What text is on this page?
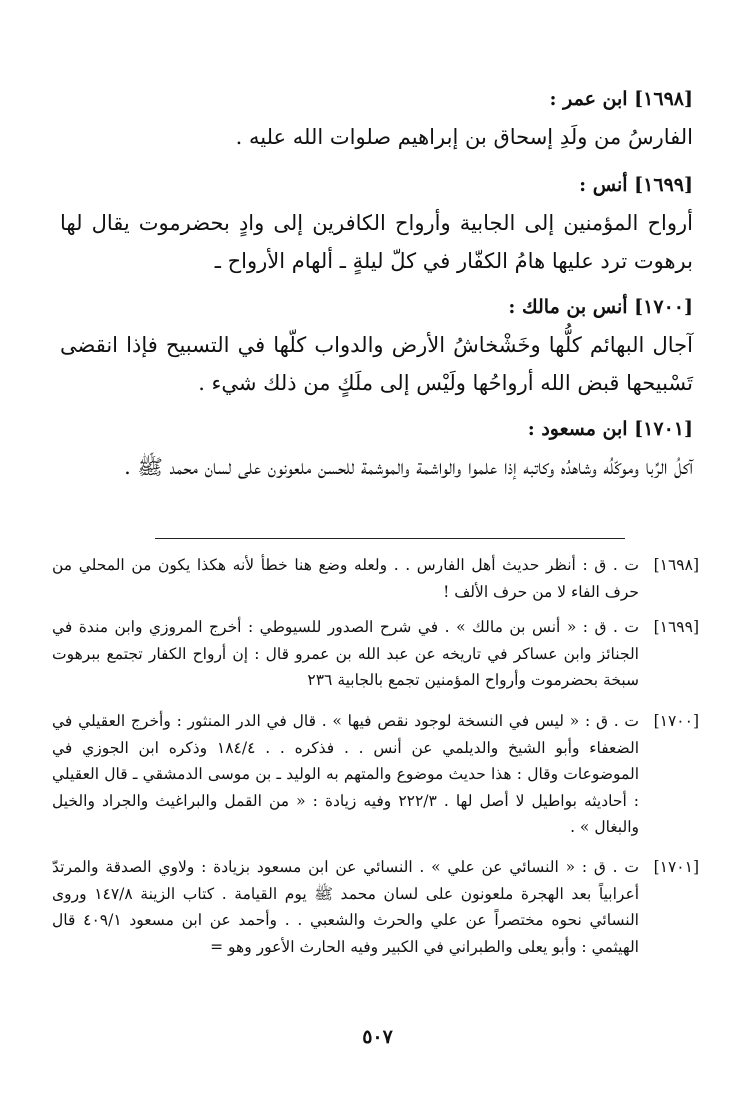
[١٦٩٨] ابن عمر :
الفارسُ من ولَدِ إسحاق بن إبراهيم صلوات الله عليه .
[١٦٩٩] أنس :
أرواح المؤمنين إلى الجابية وأرواح الكافرين إلى وادٍ بحضرموت يقال لها برهوت ترد عليها هامُ الكفّار في كلّ ليلةٍ ـ ألهام الأرواح ـ
[١٧٠٠] أنس بن مالك :
آجال البهائم كلُّها وخَشْخاشُ الأرض والدواب كلّها في التسبيح فإذا انقضى تَسْبيحها قبض الله أرواحُها ولَيْس إلى ملَكٍ من ذلك شيء .
[١٧٠١] ابن مسعود :
آكلُ الرِّبا وموكّلُه وشاهدُه وكاتبه إذا علموا والواشمة والموشمة للحسن ملعونون على لسان محمد ﷺ .
[١٦٩٨]
ت . ق : أنظر حديث أهل الفارس . . ولعله وضع هنا خطأ لأنه هكذا يكون من المحلي من حرف الفاء لا من حرف الألف !
[١٦٩٩]
ت . ق : « أنس بن مالك » . في شرح الصدور للسيوطي : أخرج المروزي وابن مندة في الجنائز وابن عساكر في تاريخه عن عبد الله بن عمرو قال : إن أرواح الكفار تجتمع ببرهوت سبخة بحضرموت وأرواح المؤمنين تجمع بالجابية ٢٣٦
[١٧٠٠]
ت . ق : « ليس في النسخة لوجود نقص فيها » . قال في الدر المنثور : وأخرج العقيلي في الضعفاء وأبو الشيخ والديلمي عن أنس . . فذكره . . ١٨٤/٤ وذكره ابن الجوزي في الموضوعات وقال : هذا حديث موضوع والمتهم به الوليد ـ بن موسى الدمشقي ـ قال العقيلي : أحاديثه بواطيل لا أصل لها . ٢٢٢/٣ وفيه زيادة : « من القمل والبراغيث والجراد والخيل والبغال » .
[١٧٠١]
ت . ق : « النسائي عن علي » . النسائي عن ابن مسعود بزيادة : ولاوي الصدقة والمرتدّ أعرابياً بعد الهجرة ملعونون على لسان محمد ﷺ يوم القيامة . كتاب الزينة ١٤٧/٨ وروى النسائي نحوه مختصراً عن علي والحرث والشعبي . . وأحمد عن ابن مسعود ٤٠٩/١ قال الهيثمي : وأبو يعلى والطبراني في الكبير وفيه الحارث الأعور وهو =
٥٠٧
